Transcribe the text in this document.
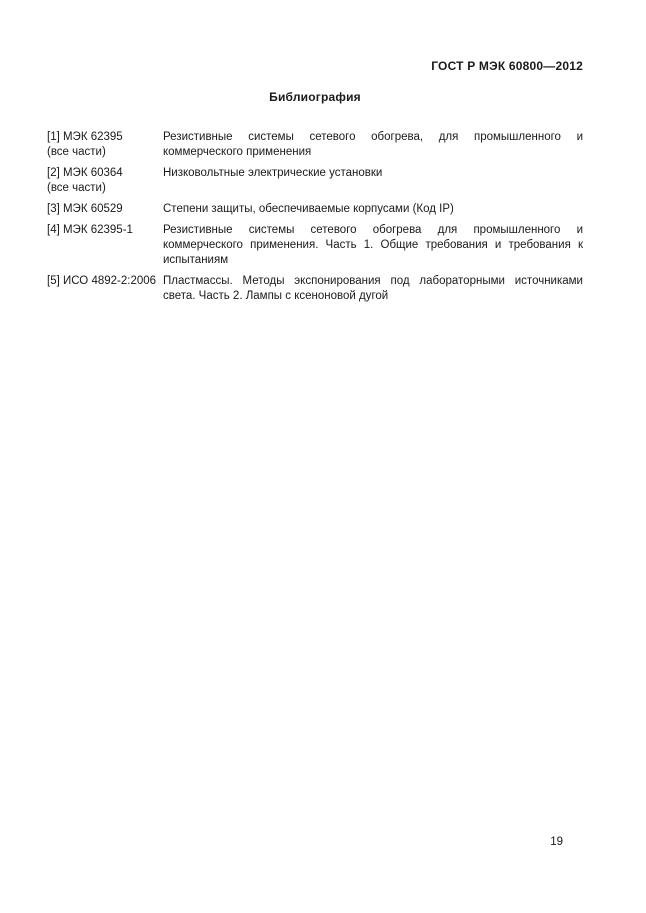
ГОСТ Р МЭК 60800—2012
Библиография
[1] МЭК 62395
(все части)
Резистивные системы сетевого обогрева, для промышленного и коммерческого применения
[2] МЭК 60364
(все части)
Низковольтные электрические установки
[3] МЭК 60529	Степени защиты, обеспечиваемые корпусами (Код IP)
[4] МЭК 62395-1	Резистивные системы сетевого обогрева для промышленного и коммерческого применения. Часть 1. Общие требования и требования к испытаниям
[5] ИСО 4892-2:2006 Пластмассы. Методы экспонирования под лабораторными источниками света. Часть 2. Лампы с ксеноновой дугой
19
